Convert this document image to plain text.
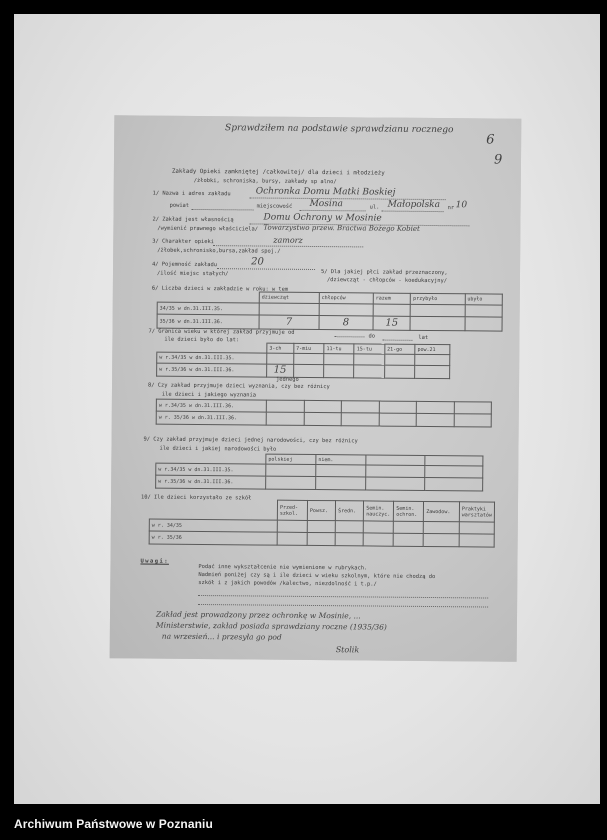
6
9
Sprawdziłem na podstawie sprawdzianu rocznego
Zakłady Opieki zamkniętej /całkowitej/ dla dzieci i młodzieży
/żłobki, schroniska, bursy, zakłady sp alno/
1/ Nazwa i adres zakładu	Ochronka Domu Matki Boskiej
powiat	miejscowość Mosina	ul. Małopolska nr 10
2/ Zakład jest własnością	Domu Ochrony w Mosinie
/wymienić prawnego właściciela/ Towarzystwo przew. Bractwa Bożego Kobiet
3/ Charakter opieki	zamorz
/żłobek,schronisko,bursa,zakład spoj./
4/ Pojemność zakładu	20
/ilość miejsc stałych/	5/ Dla jakiej płci zakład przeznaczony,
/dziewcząt - chłopców - koedukacyjny/
6/ Liczba dzieci w zakładzie w roku: w tem
	dziewcząt	chłopców	razem	przybyło	ubyło
34/35 w dn.31.III.35.					
35/36 w dn.31.III.36.	7	8	15		
7/ Granica wieku w której zakład przyjmuje od
do	lat
ile dzieci było do lat:
	3-ch	7-miu	11-tu	15-tu	21-go	pow.21
w r.34/35 w dn.31.III.35.						
w r.35/36 w dn.31.III.36.	15					
jednego
8/ Czy zakład przyjmuje dzieci wyznania, czy bez różnicy
ile dzieci i jakiego wyznania
w r.34/35 w dn.31.III.36.						
w r. 35/36 w dn.31.III.36.						
9/ Czy zakład przyjmuje dzieci jednej narodowości, czy bez różnicy
ile dzieci i jakiej narodowości było
	polskiej	niem.		
w r.34/35 w dn.31.III.35.				
w r.35/36 w dn.31.III.36.				
10/ Ile dzieci korzystało ze szkół
	Przed-szkol.	Powsz.	Średn.	Semin. nauczyc.	Semin. ochron.	Zawodow.	Praktyki warsztatów
w r. 34/35							
w r. 35/36							
Uwagi:
Podać inne wykształcenie nie wymienione w rubrykach.
Nadmień poniżej czy są i ile dzieci w wieku szkolnym, które nie chodzą do
szkół i z jakich powodów /kalectwo, niezdolność i t.p./
Zakład jest prowadzony przez ochronkę w Mosinie, ...
Ministerstwie, zakład posiada sprawdziany roczne (1935/36)
na wrzesień... i przesyła go pod
Stolik
Archiwum Państwowe w Poznaniu
